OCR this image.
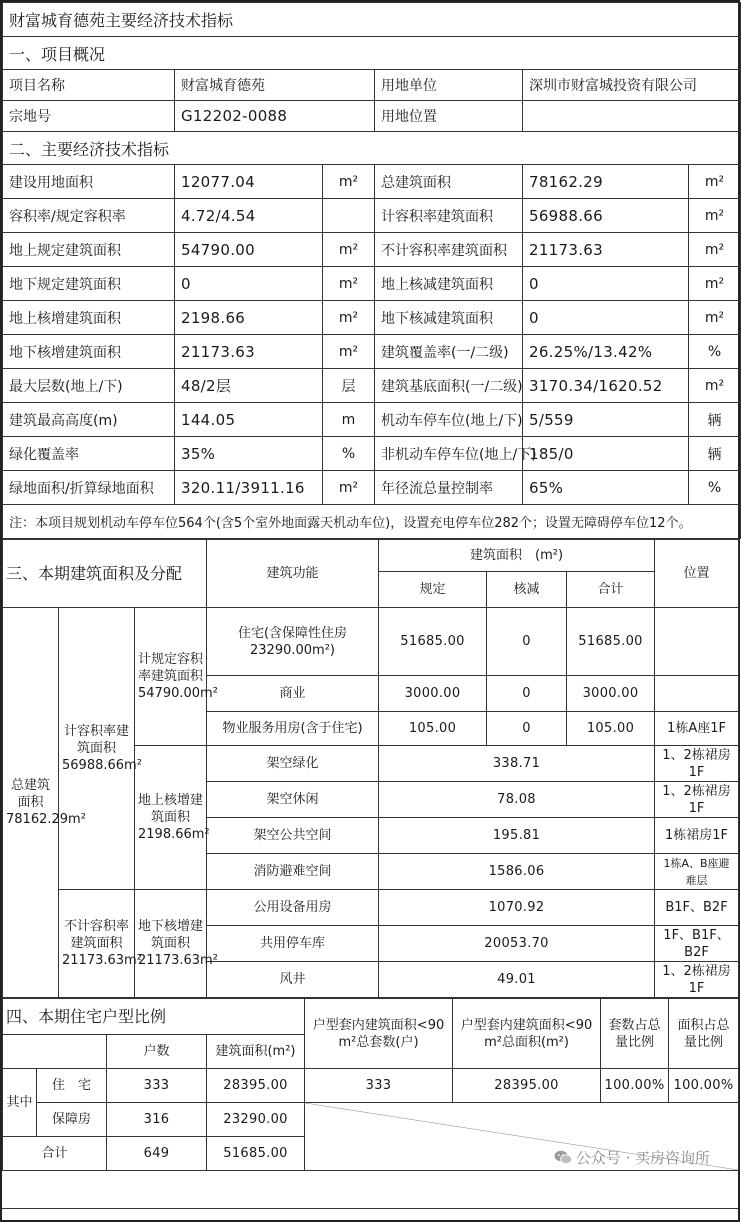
财富城育德苑主要经济技术指标					
一、项目概况					
项目名称	财富城育德苑		用地单位	深圳市财富城投资有限公司	
宗地号	G12202-0088		用地位置		
二、主要经济技术指标					
建设用地面积	12077.04	m²	总建筑面积	78162.29	m²
容积率/规定容积率	4.72/4.54		计容积率建筑面积	56988.66	m²
地上规定建筑面积	54790.00	m²	不计容积率建筑面积	21173.63	m²
地下规定建筑面积	0	m²	地上核减建筑面积	0	m²
地上核增建筑面积	2198.66	m²	地下核减建筑面积	0	m²
地下核增建筑面积	21173.63	m²	建筑覆盖率(一/二级)	26.25%/13.42%	%
最大层数(地上/下)	48/2层	层	建筑基底面积(一/二级)	3170.34/1620.52	m²
建筑最高高度(m)	144.05	m	机动车停车位(地上/下)	5/559	辆
绿化覆盖率	35%	%	非机动车停车位(地上/下)	185/0	辆
绿地面积/折算绿地面积	320.11/3911.16	m²	年径流总量控制率	65%	%
注：本项目规划机动车停车位564个(含5个室外地面露天机动车位)，设置充电停车位282个；设置无障碍停车位12个。					
三、本期建筑面积及分配			建筑功能	建筑面积　(m²)			位置
				规定	核减	合计	
总建筑面积78162.29m²	计容积率建筑面积56988.66m²	计规定容积率建筑面积54790.00m²	住宅(含保障性住房23290.00m²)	51685.00	0	51685.00	
			商业	3000.00	0	3000.00	
			物业服务用房(含于住宅)	105.00	0	105.00	1栋A座1F
		地上核增建筑面积2198.66m²	架空绿化	338.71			1、2栋裙房1F
			架空休闲	78.08			1、2栋裙房1F
			架空公共空间	195.81			1栋裙房1F
			消防避难空间	1586.06			1栋A、B座避难层
	不计容积率建筑面积21173.63m²	地下核增建筑面积21173.63m²	公用设备用房	1070.92			B1F、B2F
			共用停车库	20053.70			1F、B1F、B2F
			风井	49.01			1、2栋裙房1F
四、本期住宅户型比例				户型套内建筑面积<90 m²总套数(户)	户型套内建筑面积<90 m²总面积(m²)	套数占总量比例	面积占总量比例
		户数	建筑面积(m²)				
其中	住　宅	333	28395.00	333	28395.00	100.00%	100.00%
	保障房	316	23290.00	

合计		649	51685.00					公众号 · 买房咨询所
